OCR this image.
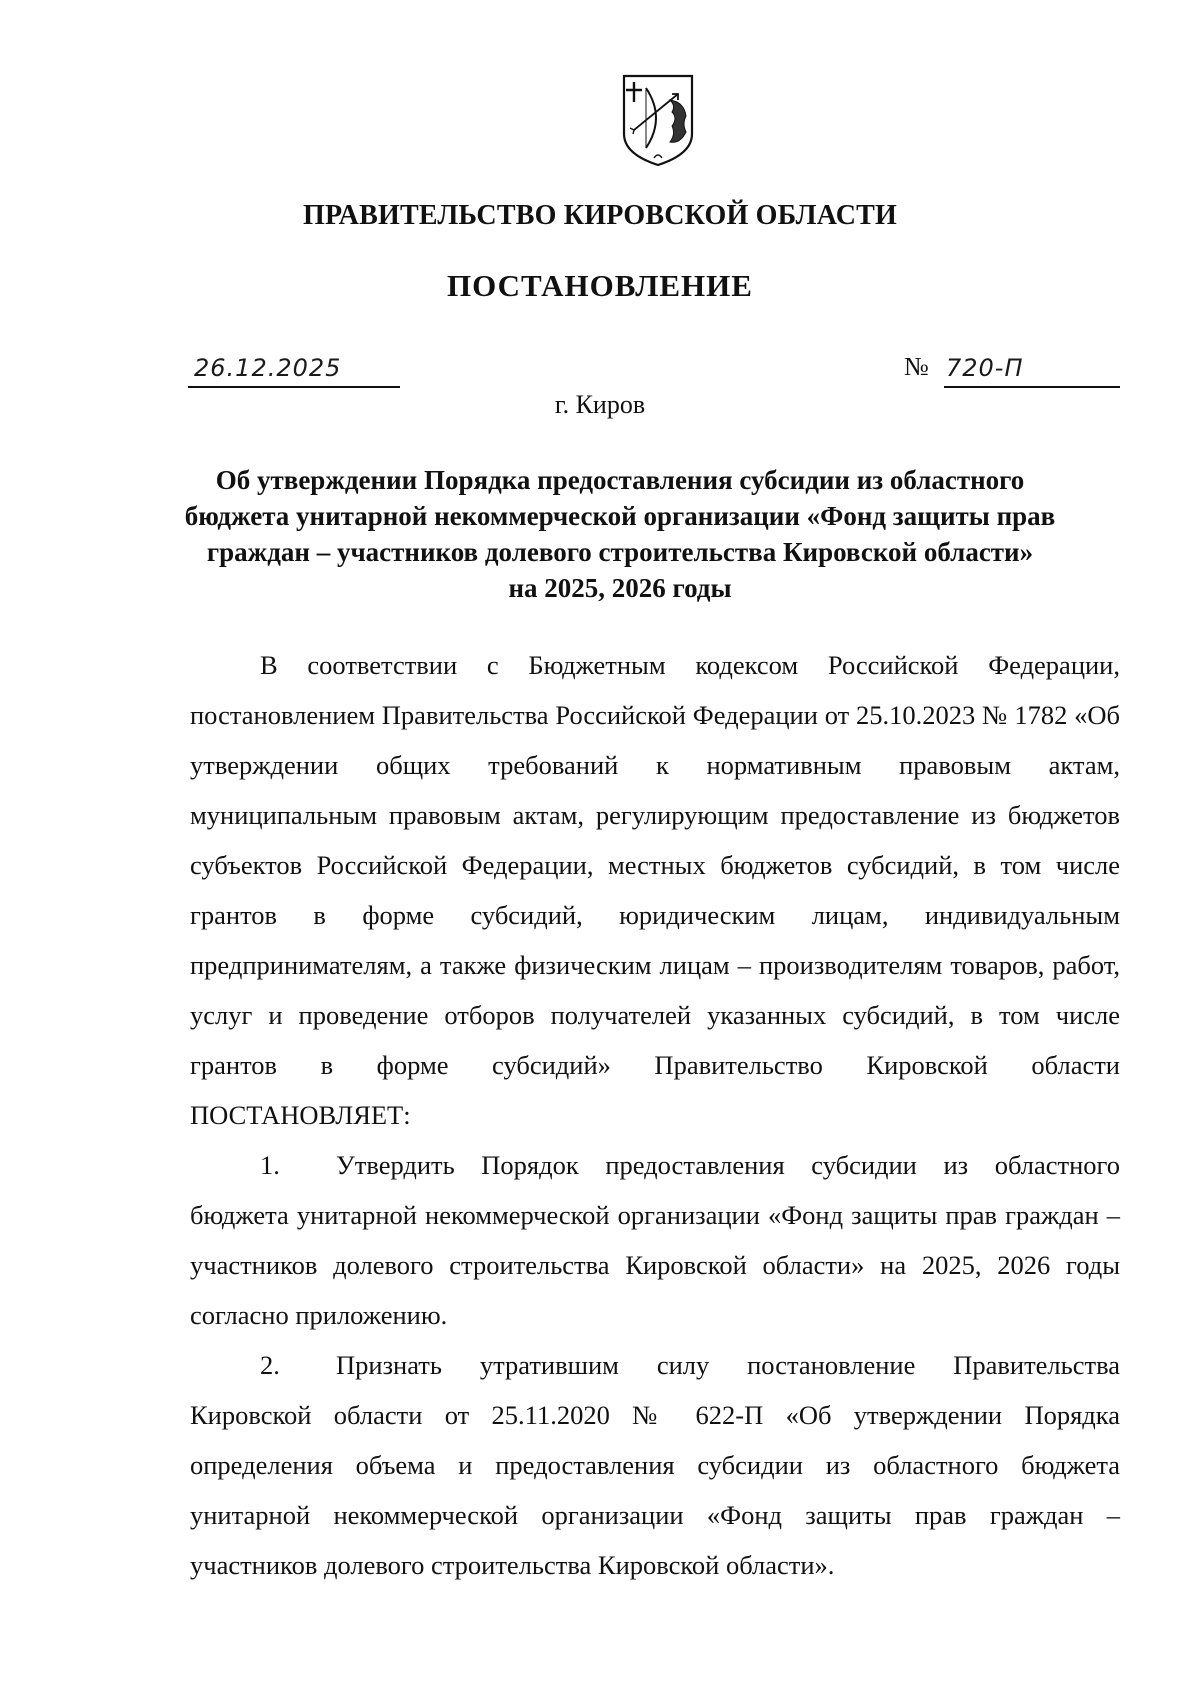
ПРАВИТЕЛЬСТВО КИРОВСКОЙ ОБЛАСТИ
ПОСТАНОВЛЕНИЕ
26.12.2025	№ 720-П
г. Киров
Об утверждении Порядка предоставления субсидии из областного
бюджета унитарной некоммерческой организации «Фонд защиты прав
граждан – участников долевого строительства Кировской области»
на 2025, 2026 годы

В соответствии с Бюджетным кодексом Российской Федерации, постановлением Правительства Российской Федерации от 25.10.2023 № 1782 «Об утверждении общих требований к нормативным правовым актам, муниципальным правовым актам, регулирующим предоставление из бюджетов субъектов Российской Федерации, местных бюджетов субсидий, в том числе грантов в форме субсидий, юридическим лицам, индивидуальным предпринимателям, а также физическим лицам – производителям товаров, работ, услуг и проведение отборов получателей указанных субсидий, в том числе грантов в форме субсидий» Правительство Кировской области ПОСТАНОВЛЯЕТ:

1. Утвердить Порядок предоставления субсидии из областного бюджета унитарной некоммерческой организации «Фонд защиты прав граждан – участников долевого строительства Кировской области» на 2025, 2026 годы согласно приложению.

2. Признать утратившим силу постановление Правительства Кировской области от 25.11.2020 № 622-П «Об утверждении Порядка определения объема и предоставления субсидии из областного бюджета унитарной некоммерческой организации «Фонд защиты прав граждан – участников долевого строительства Кировской области».
